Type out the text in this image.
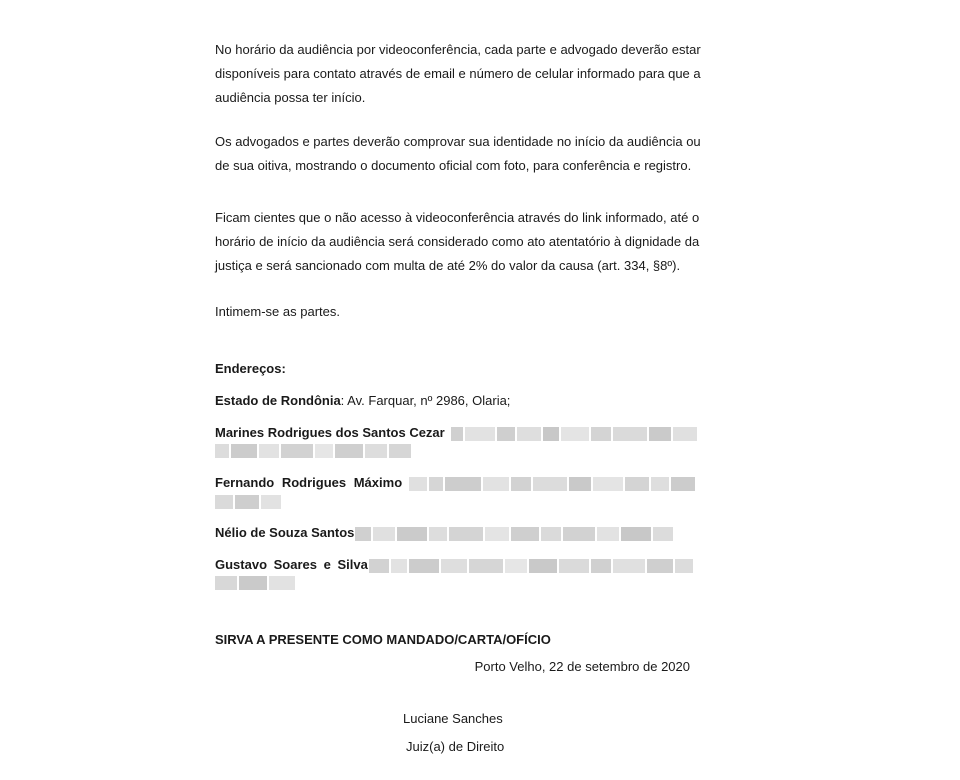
No horário da audiência por videoconferência, cada parte e advogado deverão estar
disponíveis para contato através de email e número de celular informado para que a
audiência possa ter início.
Os advogados e partes deverão comprovar sua identidade no início da audiência ou
de sua oitiva, mostrando o documento oficial com foto, para conferência e registro.
Ficam cientes que o não acesso à videoconferência através do link informado, até o
horário de início da audiência será considerado como ato atentatório à dignidade da
justiça e será sancionado com multa de até 2% do valor da causa (art. 334, §8º).
Intimem-se as partes.
Endereços:
Estado de Rondônia: Av. Farquar, nº 2986, Olaria;
Marines Rodrigues dos Santos Cezar
Fernando Rodrigues Máximo
Nélio de Souza Santos
Gustavo Soares e Silva
SIRVA A PRESENTE COMO MANDADO/CARTA/OFÍCIO
Porto Velho, 22 de setembro de 2020
Luciane Sanches
Juiz(a) de Direito
